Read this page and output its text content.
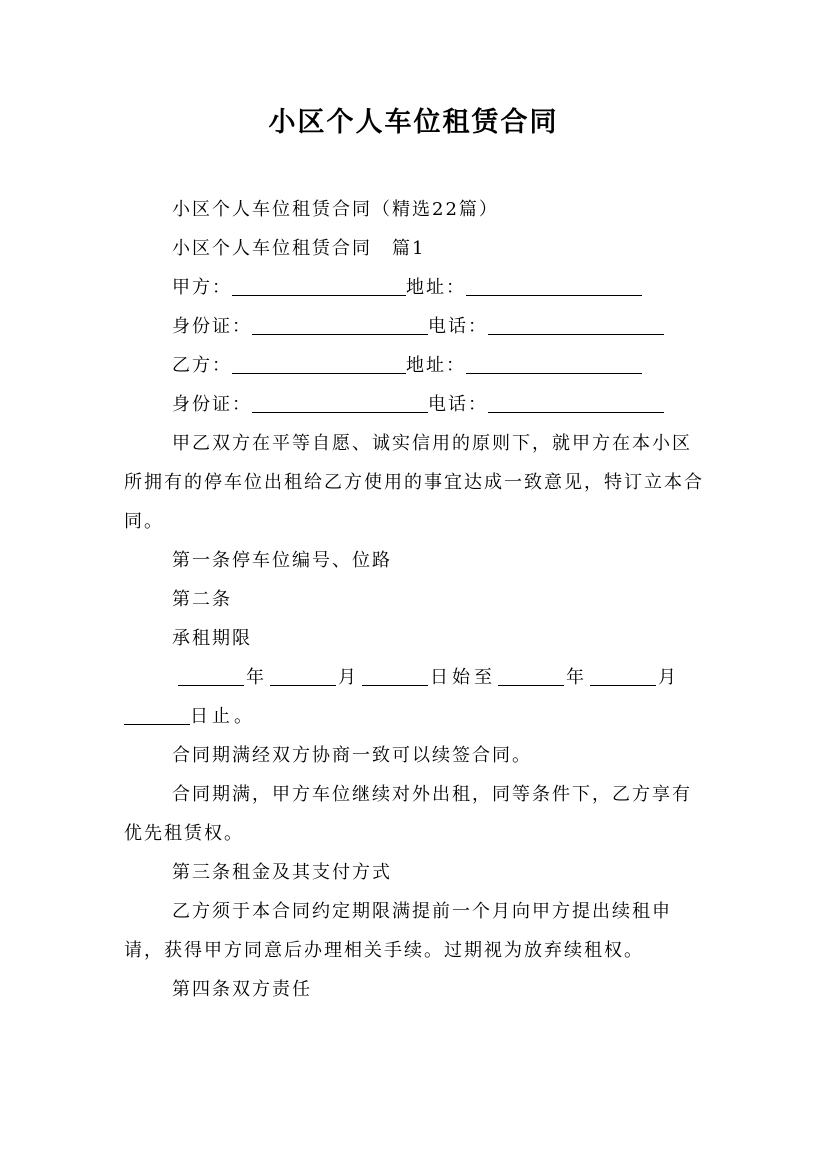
小区个人车位租赁合同

小区个人车位租赁合同（精选22篇）

小区个人车位租赁合同　篇1

甲方：	地址：

身份证：	电话：

乙方：	地址：

身份证：	电话：

甲乙双方在平等自愿、诚实信用的原则下，就甲方在本小区所拥有的停车位出租给乙方使用的事宜达成一致意见，特订立本合同。

第一条停车位编号、位路

第二条

承租期限

年	月	日始至	年	月

日止。

合同期满经双方协商一致可以续签合同。

合同期满，甲方车位继续对外出租，同等条件下，乙方享有优先租赁权。

第三条租金及其支付方式

乙方须于本合同约定期限满提前一个月向甲方提出续租申请，获得甲方同意后办理相关手续。过期视为放弃续租权。

第四条双方责任
